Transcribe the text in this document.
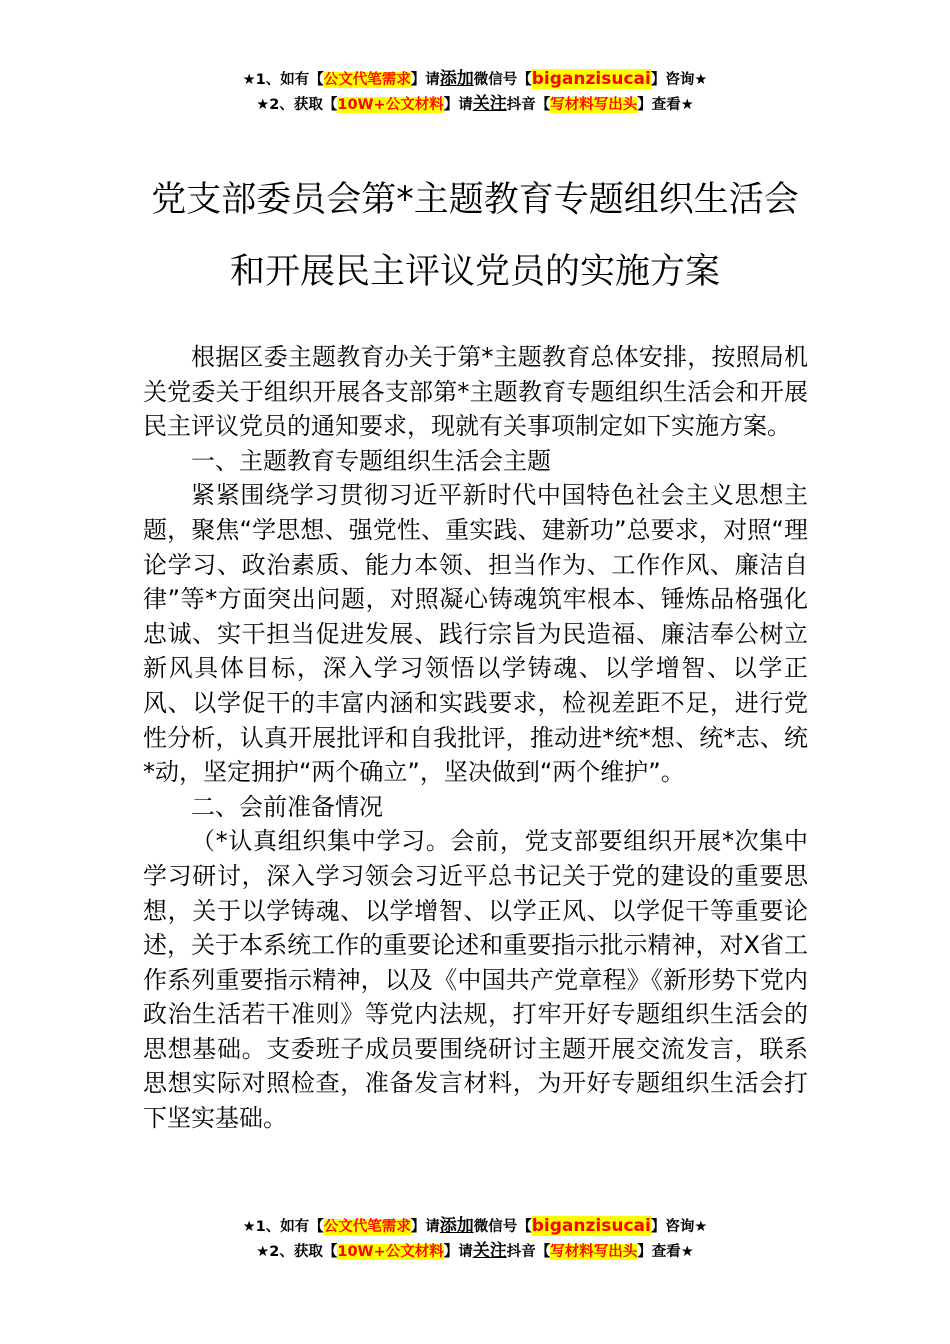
★1、如有【公文代笔需求】请添加微信号【biganzisucai】咨询★
★2、获取【10W+公文材料】请关注抖音【写材料写出头】查看★
党支部委员会第*主题教育专题组织生活会
和开展民主评议党员的实施方案

根据区委主题教育办关于第*主题教育总体安排，按照局机关党委关于组织开展各支部第*主题教育专题组织生活会和开展民主评议党员的通知要求，现就有关事项制定如下实施方案。

一、主题教育专题组织生活会主题

紧紧围绕学习贯彻习近平新时代中国特色社会主义思想主题，聚焦“学思想、强党性、重实践、建新功”总要求，对照“理论学习、政治素质、能力本领、担当作为、工作作风、廉洁自律”等*方面突出问题，对照凝心铸魂筑牢根本、锤炼品格强化忠诚、实干担当促进发展、践行宗旨为民造福、廉洁奉公树立新风具体目标，深入学习领悟以学铸魂、以学增智、以学正风、以学促干的丰富内涵和实践要求，检视差距不足，进行党性分析，认真开展批评和自我批评，推动进*统*想、统*志、统*动，坚定拥护“两个确立”，坚决做到“两个维护”。

二、会前准备情况

（*认真组织集中学习。会前，党支部要组织开展*次集中学习研讨，深入学习领会习近平总书记关于党的建设的重要思想，关于以学铸魂、以学增智、以学正风、以学促干等重要论述，关于本系统工作的重要论述和重要指示批示精神，对X省工作系列重要指示精神，以及《中国共产党章程》《新形势下党内政治生活若干准则》等党内法规，打牢开好专题组织生活会的思想基础。支委班子成员要围绕研讨主题开展交流发言，联系思想实际对照检查，准备发言材料，为开好专题组织生活会打下坚实基础。

★1、如有【公文代笔需求】请添加微信号【biganzisucai】咨询★
★2、获取【10W+公文材料】请关注抖音【写材料写出头】查看★
